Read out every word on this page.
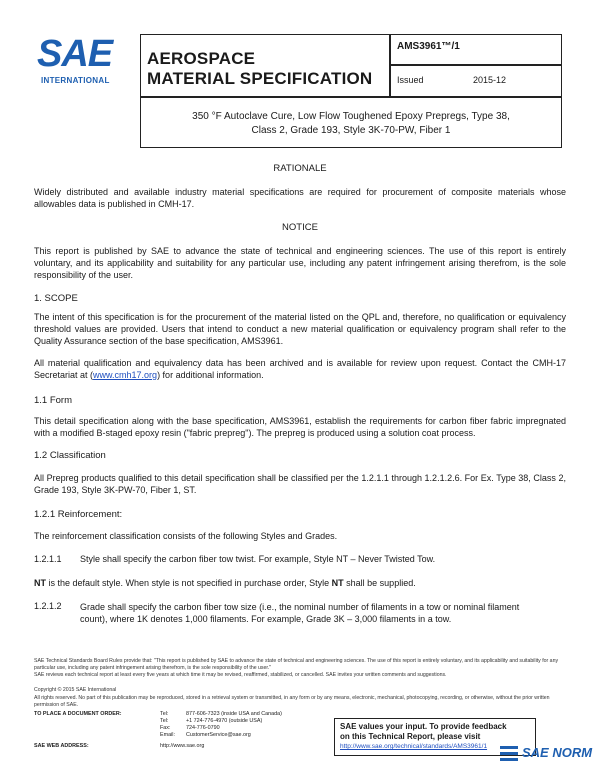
SAE
INTERNATIONAL
AEROSPACE
MATERIAL SPECIFICATION
AMS3961™/1
Issued	2015-12
350 °F Autoclave Cure, Low Flow Toughened Epoxy Prepregs, Type 38,
Class 2, Grade 193, Style 3K-70-PW, Fiber 1
RATIONALE
Widely distributed and available industry material specifications are required for procurement of composite materials whose allowables data is published in CMH-17.
NOTICE
This report is published by SAE to advance the state of technical and engineering sciences. The use of this report is entirely voluntary, and its applicability and suitability for any particular use, including any patent infringement arising therefrom, is the sole responsibility of the user.
1. SCOPE
The intent of this specification is for the procurement of the material listed on the QPL and, therefore, no qualification or equivalency threshold values are provided. Users that intend to conduct a new material qualification or equivalency program shall refer to the Quality Assurance section of the base specification, AMS3961.
All material qualification and equivalency data has been archived and is available for review upon request. Contact the CMH-17 Secretariat at (www.cmh17.org) for additional information.
1.1 Form
This detail specification along with the base specification, AMS3961, establish the requirements for carbon fiber fabric impregnated with a modified B-staged epoxy resin ("fabric prepreg"). The prepreg is produced using a solution coat process.
1.2 Classification
All Prepreg products qualified to this detail specification shall be classified per the 1.2.1.1 through 1.2.1.2.6. For Ex. Type 38, Class 2, Grade 193, Style 3K-PW-70, Fiber 1, ST.
1.2.1 Reinforcement:
The reinforcement classification consists of the following Styles and Grades.
1.2.1.1 Style shall specify the carbon fiber tow twist. For example, Style NT – Never Twisted Tow.
NT is the default style. When style is not specified in purchase order, Style NT shall be supplied.
1.2.1.2 Grade shall specify the carbon fiber tow size (i.e., the nominal number of filaments in a tow or nominal filament
count), where 1K denotes 1,000 filaments. For example, Grade 3K – 3,000 filaments in a tow.
SAE Technical Standards Board Rules provide that: "This report is published by SAE to advance the state of technical and engineering sciences. The use of this report is entirely voluntary, and its applicability and suitability for any particular use, including any patent infringement arising therefrom, is the sole responsibility of the user."
SAE reviews each technical report at least every five years at which time it may be revised, reaffirmed, stabilized, or cancelled. SAE invites your written comments and suggestions.
Copyright © 2015 SAE International
All rights reserved. No part of this publication may be reproduced, stored in a retrieval system or transmitted, in any form or by any means, electronic, mechanical, photocopying, recording, or otherwise, without the prior written permission of SAE.
TO PLACE A DOCUMENT ORDER:	Tel:	877-606-7323 (inside USA and Canada)
Tel:	+1 724-776-4970 (outside USA)
Fax:	724-776-0790
Email: CustomerService@sae.org
SAE WEB ADDRESS:	http://www.sae.org
SAE values your input. To provide feedback
on this Technical Report, please visit
http://www.sae.org/technical/standards/AMS3961/1	SAE NORM
